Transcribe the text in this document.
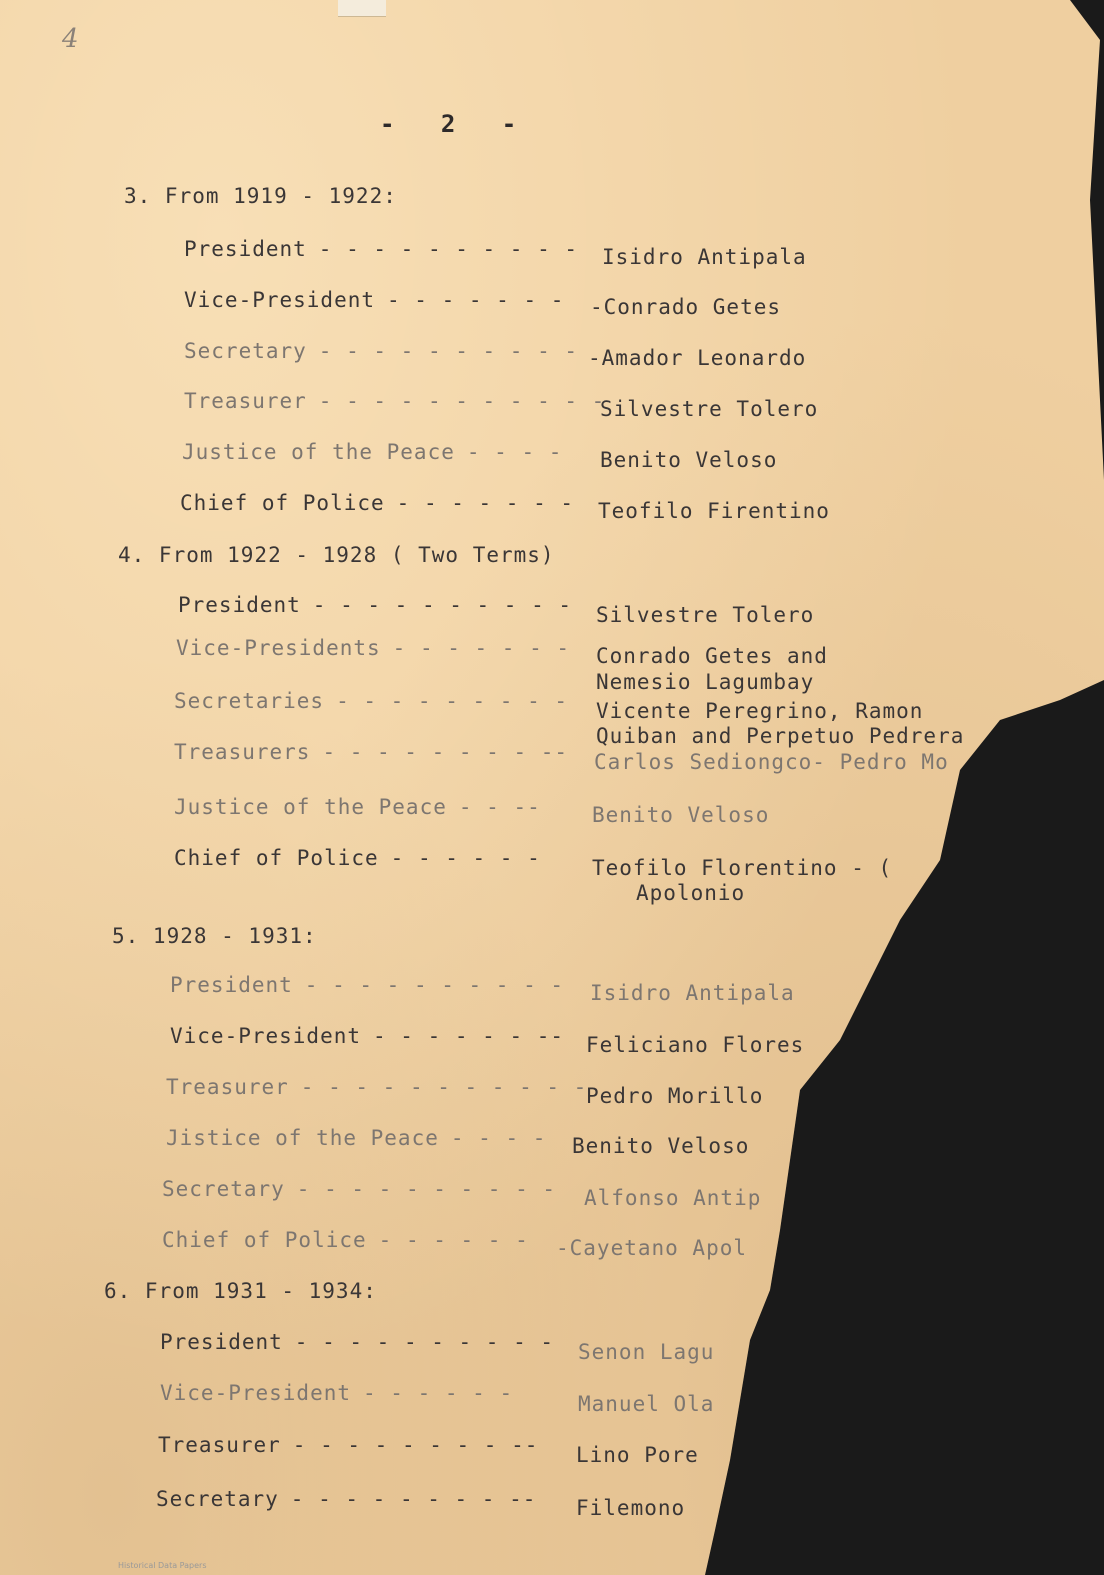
4
- 2 -
3. From 1919 - 1922:
President - - - - - - - - - - Isidro Antipala
Vice-President - - - - - - - -Conrado Getes
Secretary - - - - - - - - - - -Amador Leonardo
Treasurer - - - - - - - - - - -
Silvestre Tolero
Justice of the Peace - - - - Benito Veloso
Chief of Police - - - - - - - Teofilo Firentino
4. From 1922 - 1928 ( Two Terms)
President - - - - - - - - - - Silvestre Tolero
Vice-Presidents - - - - - - - Conrado Getes and
Nemesio Lagumbay
Secretaries - - - - - - - - - Vicente Peregrino, Ramon
Quiban and Perpetuo Pedrera
Treasurers - - - - - - - - -- Carlos Sediongco- Pedro Mo
Justice of the Peace - - -- Benito Veloso
Chief of Police - - - - - - Teofilo Florentino - (
Apolonio
5. 1928 - 1931:
President - - - - - - - - - - Isidro Antipala
Vice-President - - - - - - -- Feliciano Flores
Treasurer - - - - - - - - - - -
Pedro Morillo
Jistice of the Peace - - - - Benito Veloso
Secretary - - - - - - - - - - Alfonso Antip
Chief of Police - - - - - - -Cayetano Apol
6. From 1931 - 1934:
President - - - - - - - - - - Senon Lagu
Vice-President - - - - - -	Manuel Ola
Treasurer - - - - - - - - -- Lino Pore
Secretary - - - - - - - - -- Filemono
Historical Data Papers
